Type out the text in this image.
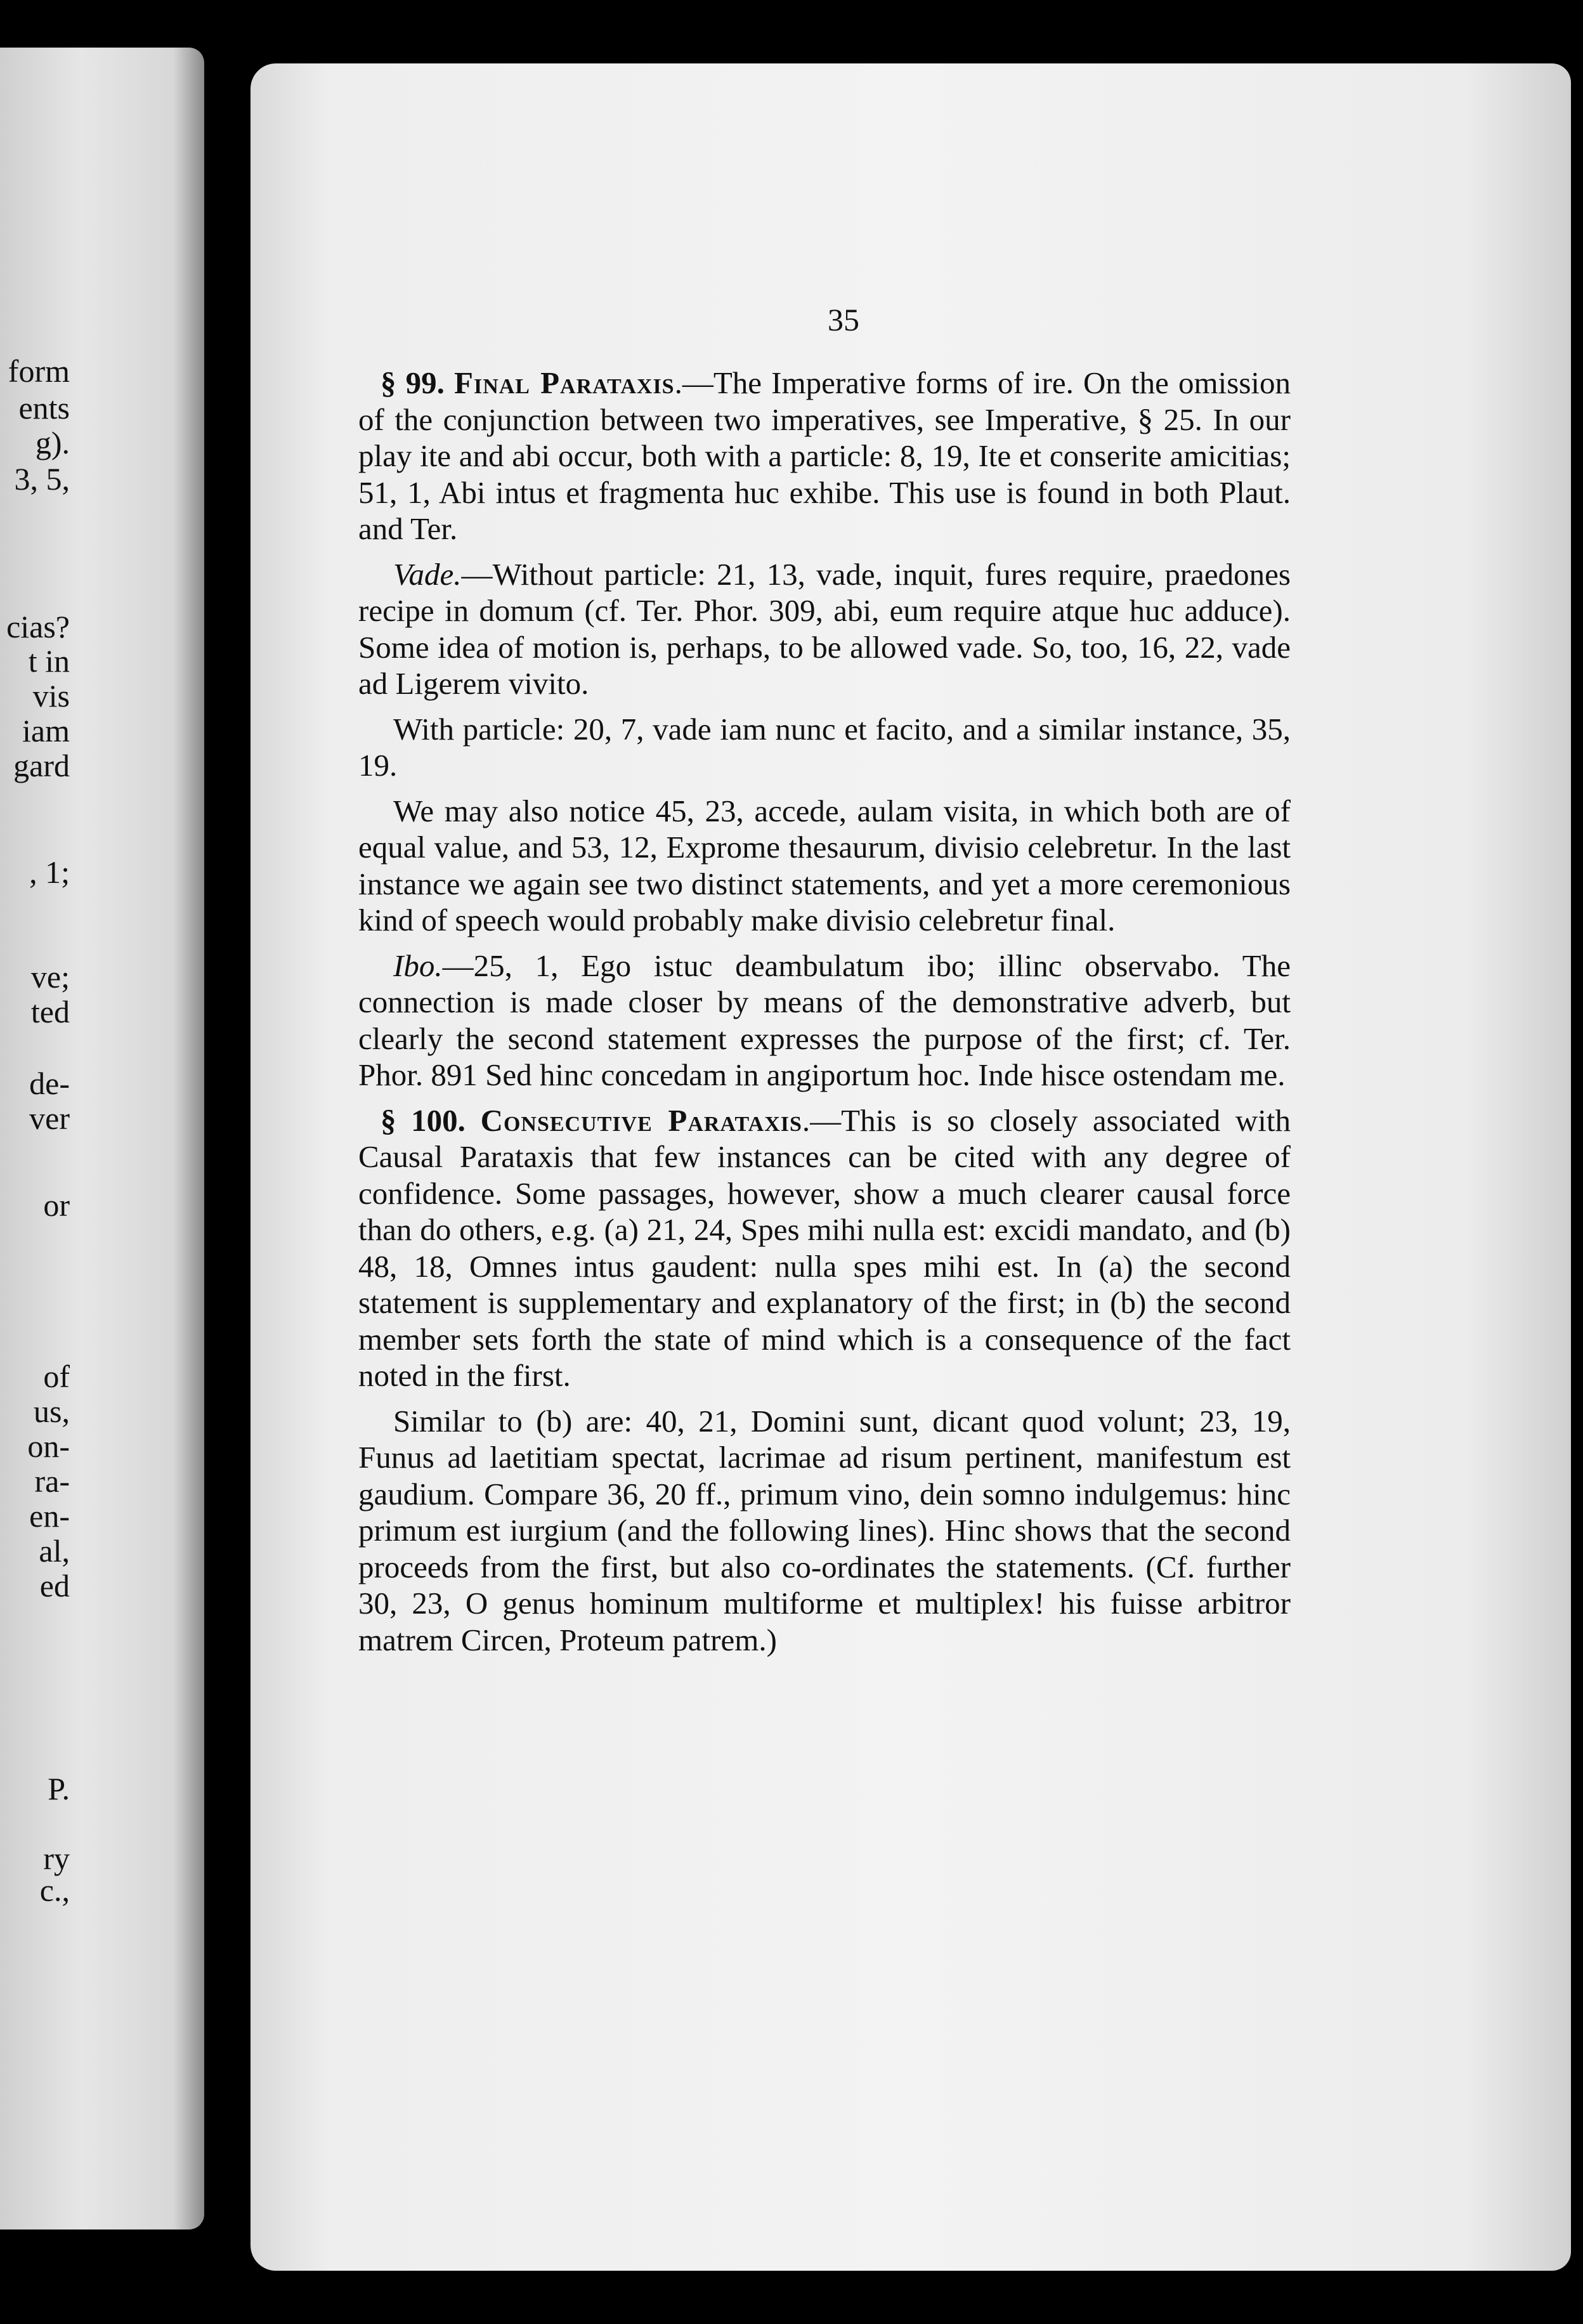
form
ents
g).
3, 5,
cias?
t in
vis
iam
gard
, 1;
ve;
ted
de-
ver
or
of
us,
on-
ra-
en-
al,
ed
P.
ry
c.,
35

§ 99. Final Parataxis.—The Imperative forms of ire. On the omission of the conjunction between two imperatives, see Imperative, § 25. In our play ite and abi occur, both with a particle: 8, 19, Ite et conserite amicitias; 51, 1, Abi intus et fragmenta huc exhibe. This use is found in both Plaut. and Ter.

Vade.—Without particle: 21, 13, vade, inquit, fures require, praedones recipe in domum (cf. Ter. Phor. 309, abi, eum require atque huc adduce). Some idea of motion is, perhaps, to be allowed vade. So, too, 16, 22, vade ad Ligerem vivito.

With particle: 20, 7, vade iam nunc et facito, and a similar instance, 35, 19.

We may also notice 45, 23, accede, aulam visita, in which both are of equal value, and 53, 12, Exprome thesaurum, divisio celebretur. In the last instance we again see two distinct statements, and yet a more ceremonious kind of speech would probably make divisio celebretur final.

Ibo.—25, 1, Ego istuc deambulatum ibo; illinc observabo. The connection is made closer by means of the demonstrative adverb, but clearly the second statement expresses the purpose of the first; cf. Ter. Phor. 891 Sed hinc concedam in angiportum hoc. Inde hisce ostendam me.

§ 100. Consecutive Parataxis.—This is so closely associated with Causal Parataxis that few instances can be cited with any degree of confidence. Some passages, however, show a much clearer causal force than do others, e.g. (a) 21, 24, Spes mihi nulla est: excidi mandato, and (b) 48, 18, Omnes intus gaudent: nulla spes mihi est. In (a) the second statement is supplementary and explanatory of the first; in (b) the second member sets forth the state of mind which is a consequence of the fact noted in the first.

Similar to (b) are: 40, 21, Domini sunt, dicant quod volunt; 23, 19, Funus ad laetitiam spectat, lacrimae ad risum pertinent, manifestum est gaudium. Compare 36, 20 ff., primum vino, dein somno indulgemus: hinc primum est iurgium (and the following lines). Hinc shows that the second proceeds from the first, but also co-ordinates the statements. (Cf. further 30, 23, O genus hominum multiforme et multiplex! his fuisse arbitror matrem Circen, Proteum patrem.)
